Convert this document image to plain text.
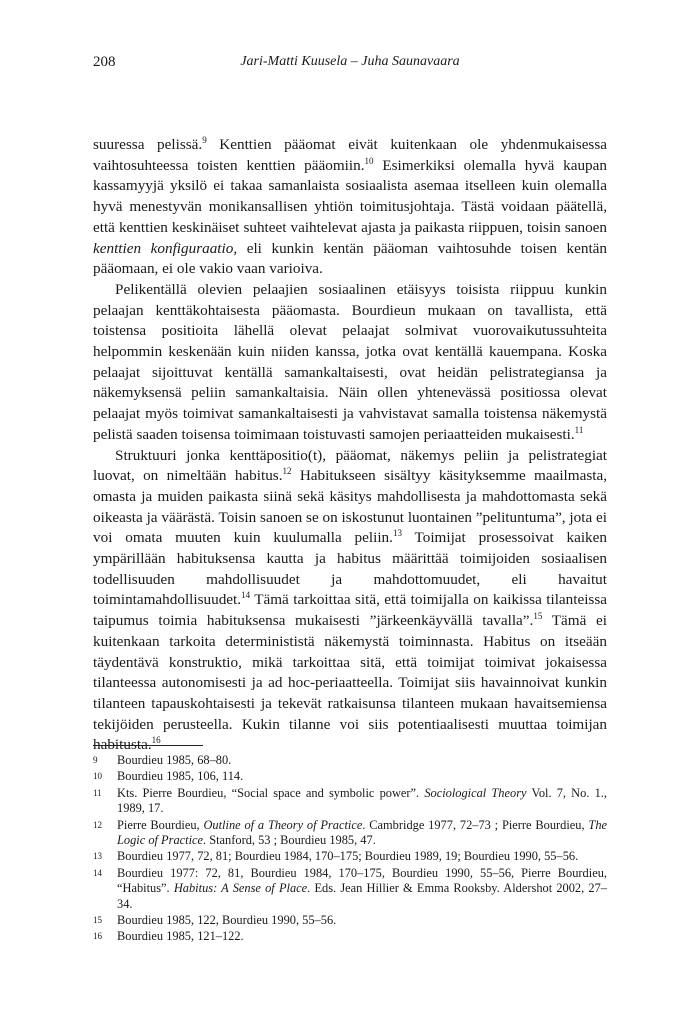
208	Jari-Matti Kuusela – Juha Saunavaara

suuressa pelissä.$^9$ Kenttien pääomat eivät kuitenkaan ole yhdenmukaisessa vaihtosuhteessa toisten kenttien pääomiin.$^{10}$ Esimerkiksi olemalla hyvä kaupan kassamyyjä yksilö ei takaa samanlaista sosiaalista asemaa itselleen kuin olemalla hyvä menestyvän monikansallisen yhtiön toimitusjohtaja. Tästä voidaan päätellä, että kenttien keskinäiset suhteet vaihtelevat ajasta ja paikasta riippuen, toisin sanoen kenttien konfiguraatio, eli kunkin kentän pääoman vaihtosuhde toisen kentän pääomaan, ei ole vakio vaan varioiva.

Pelikentällä olevien pelaajien sosiaalinen etäisyys toisista riippuu kunkin pelaajan kenttäkohtaisesta pääomasta. Bourdieun mukaan on tavallista, että toistensa positioita lähellä olevat pelaajat solmivat vuorovaikutussuhteita helpommin keskenään kuin niiden kanssa, jotka ovat kentällä kauempana. Koska pelaajat sijoittuvat kentällä samankaltaisesti, ovat heidän pelistrategiansa ja näkemyksensä peliin samankaltaisia. Näin ollen yhtenevässä positiossa olevat pelaajat myös toimivat samankaltaisesti ja vahvistavat samalla toistensa näkemystä pelistä saaden toisensa toimimaan toistuvasti samojen periaatteiden mukaisesti.$^{11}$

Struktuuri jonka kenttäpositio(t), pääomat, näkemys peliin ja pelistrategiat luovat, on nimeltään habitus.$^{12}$ Habitukseen sisältyy käsityksemme maailmasta, omasta ja muiden paikasta siinä sekä käsitys mahdollisesta ja mahdottomasta sekä oikeasta ja väärästä. Toisin sanoen se on iskostunut luontainen ”pelituntuma”, jota ei voi omata muuten kuin kuulumalla peliin.$^{13}$ Toimijat prosessoivat kaiken ympärillään habituksensa kautta ja habitus määrittää toimijoiden sosiaalisen todellisuuden mahdollisuudet ja mahdottomuudet, eli havaitut toimintamahdollisuudet.$^{14}$ Tämä tarkoittaa sitä, että toimijalla on kaikissa tilanteissa taipumus toimia habituksensa mukaisesti ”järkeenkäyvällä tavalla”.$^{15}$ Tämä ei kuitenkaan tarkoita determinististä näkemystä toiminnasta. Habitus on itseään täydentävä konstruktio, mikä tarkoittaa sitä, että toimijat toimivat jokaisessa tilanteessa autonomisesti ja ad hoc-periaatteella. Toimijat siis havainnoivat kunkin tilanteen tapauskohtaisesti ja tekevät ratkaisunsa tilanteen mukaan havaitsemiensa tekijöiden perusteella. Kukin tilanne voi siis potentiaalisesti muuttaa toimijan habitusta.$^{16}$

9	Bourdieu 1985, 68–80.
10	Bourdieu 1985, 106, 114.
11	Kts. Pierre Bourdieu, “Social space and symbolic power”. Sociological Theory Vol. 7, No. 1., 1989, 17.
12	Pierre Bourdieu, Outline of a Theory of Practice. Cambridge 1977, 72–73 ; Pierre Bourdieu, The Logic of Practice. Stanford, 53 ; Bourdieu 1985, 47.
13	Bourdieu 1977, 72, 81; Bourdieu 1984, 170–175; Bourdieu 1989, 19; Bourdieu 1990, 55–56.
14	Bourdieu 1977: 72, 81, Bourdieu 1984, 170–175, Bourdieu 1990, 55–56, Pierre Bourdieu, “Habitus”. Habitus: A Sense of Place. Eds. Jean Hillier & Emma Rooksby. Aldershot 2002, 27–34.
15	Bourdieu 1985, 122, Bourdieu 1990, 55–56.
16	Bourdieu 1985, 121–122.
